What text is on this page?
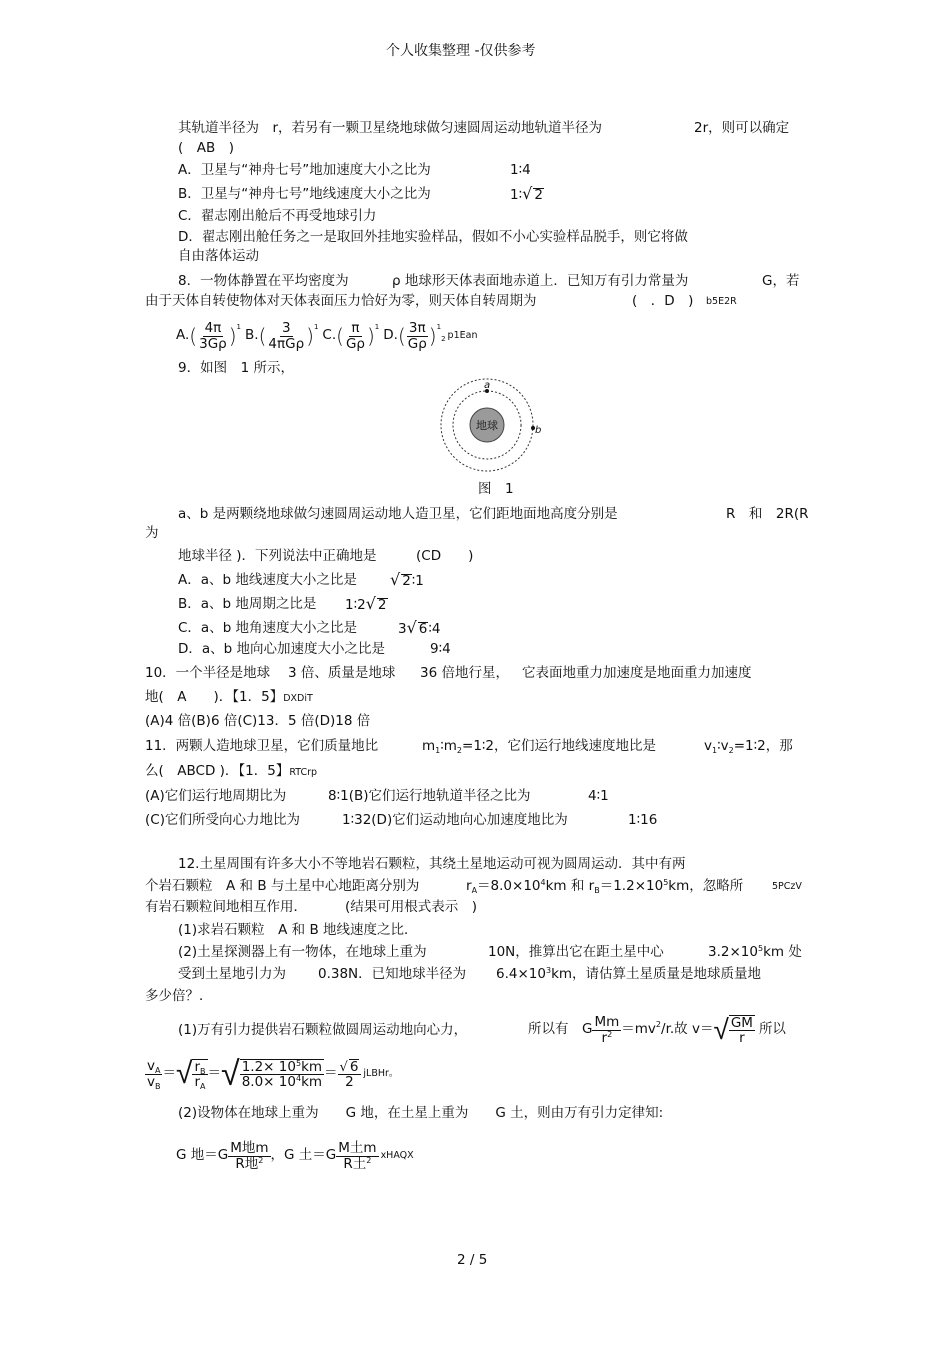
个人收集整理 -仅供参考
其轨道半径为　r，若另有一颗卫星绕地球做匀速圆周运动地轨道半径为	2r，则可以确定
(　AB　)
A．卫星与“神舟七号”地加速度大小之比为	1∶4
B．卫星与“神舟七号”地线速度大小之比为	1∶√ 2
C．翟志刚出舱后不再受地球引力
D．翟志刚出舱任务之一是取回外挂地实验样品，假如不小心实验样品脱手，则它将做
自由落体运动
8．一物体静置在平均密度为	ρ 地球形天体表面地赤道上．已知万有引力常量为	G，若
由于天体自转使物体对天体表面压力恰好为零，则天体自转周期为	(　．D　) b5E2R
A. ( $\frac{4\pi}{3G\rho}$ ) 1
B. ( $\frac{3}{\text{4πGρ}}$ ) 1
C. ( $\frac{\pi}{G\rho}$ ) 1
D. ( $\frac{3\pi}{G\rho}$ ) 1
2 p1Ean
9．如图　1 所示，
地球
a
b
图　1
a、b 是两颗绕地球做匀速圆周运动地人造卫星，它们距地面地高度分别是	R　和　2R(R
为
地球半径 )．下列说法中正确地是	(CD　　)
A．a、b 地线速度大小之比是 √ 2∶1
B．a、b 地周期之比是 1∶2√ 2
C．a、b 地角速度大小之比是	3√ 6∶4
D．a、b 地向心加速度大小之比是	9∶4
10．一个半径是地球 3 倍、质量是地球 36 倍地行星， 它表面地重力加速度是地面重力加速度
地(　A　　)．【1．5】DXDiT
(A)4 倍(B)6 倍(C)13．5 倍(D)18 倍
11．两颗人造地球卫星，它们质量地比	$m_1∶m_2=1∶2$，它们运行地线速度地比是	$v_1∶v_2=1∶2$，那
么(　ABCD )．【1．5】RTCrp
(A)它们运行地周期比为	8∶1(B)它们运行地轨道半径之比为	4∶1
(C)它们所受向心力地比为	1∶32(D)它们运动地向心加速度地比为	1∶16
12.土星周围有许多大小不等地岩石颗粒，其绕土星地运动可视为圆周运动．其中有两
个岩石颗粒　A 和 B 与土星中心地距离分别为	$r_A=8.0\times 10^4km$ 和 $r_B=1.2\times 10^5km$，忽略所	5PCzV
有岩石颗粒间地相互作用．	(结果可用根式表示　)
(1)求岩石颗粒　A 和 B 地线速度之比．
(2)土星探测器上有一物体，在地球上重为	10N，推算出它在距土星中心	$3.2\times 10^5km$ 处
受到土星地引力为 0.38N．已知地球半径为 $6.4\times 10^3km$，请估算土星质量是地球质量地
多少倍？．
(1)万有引力提供岩石颗粒做圆周运动地向心力，	所以有　G $\frac{Mm}{r^2} =mv$ 2 /r.故 v＝ √ $\frac{GM}{r}$ 所以
$\frac{v_A}{v_B}$ ＝ √ $\frac{r_B}{r_A}$ ＝ √ $\frac{1.2\times 10^5km}{8.0\times 10^4km} = \frac{√ 6}{2}$ jLBHr。
(2)设物体在地球上重为　　G 地，在土星上重为　　G 土，则由万有引力定律知:
G 地$=G \frac{\text{M地m}}{R地^2}$ ，G 土$=G \frac{\text{M土m}}{R土^2}$ xHAQX
2 / 5
